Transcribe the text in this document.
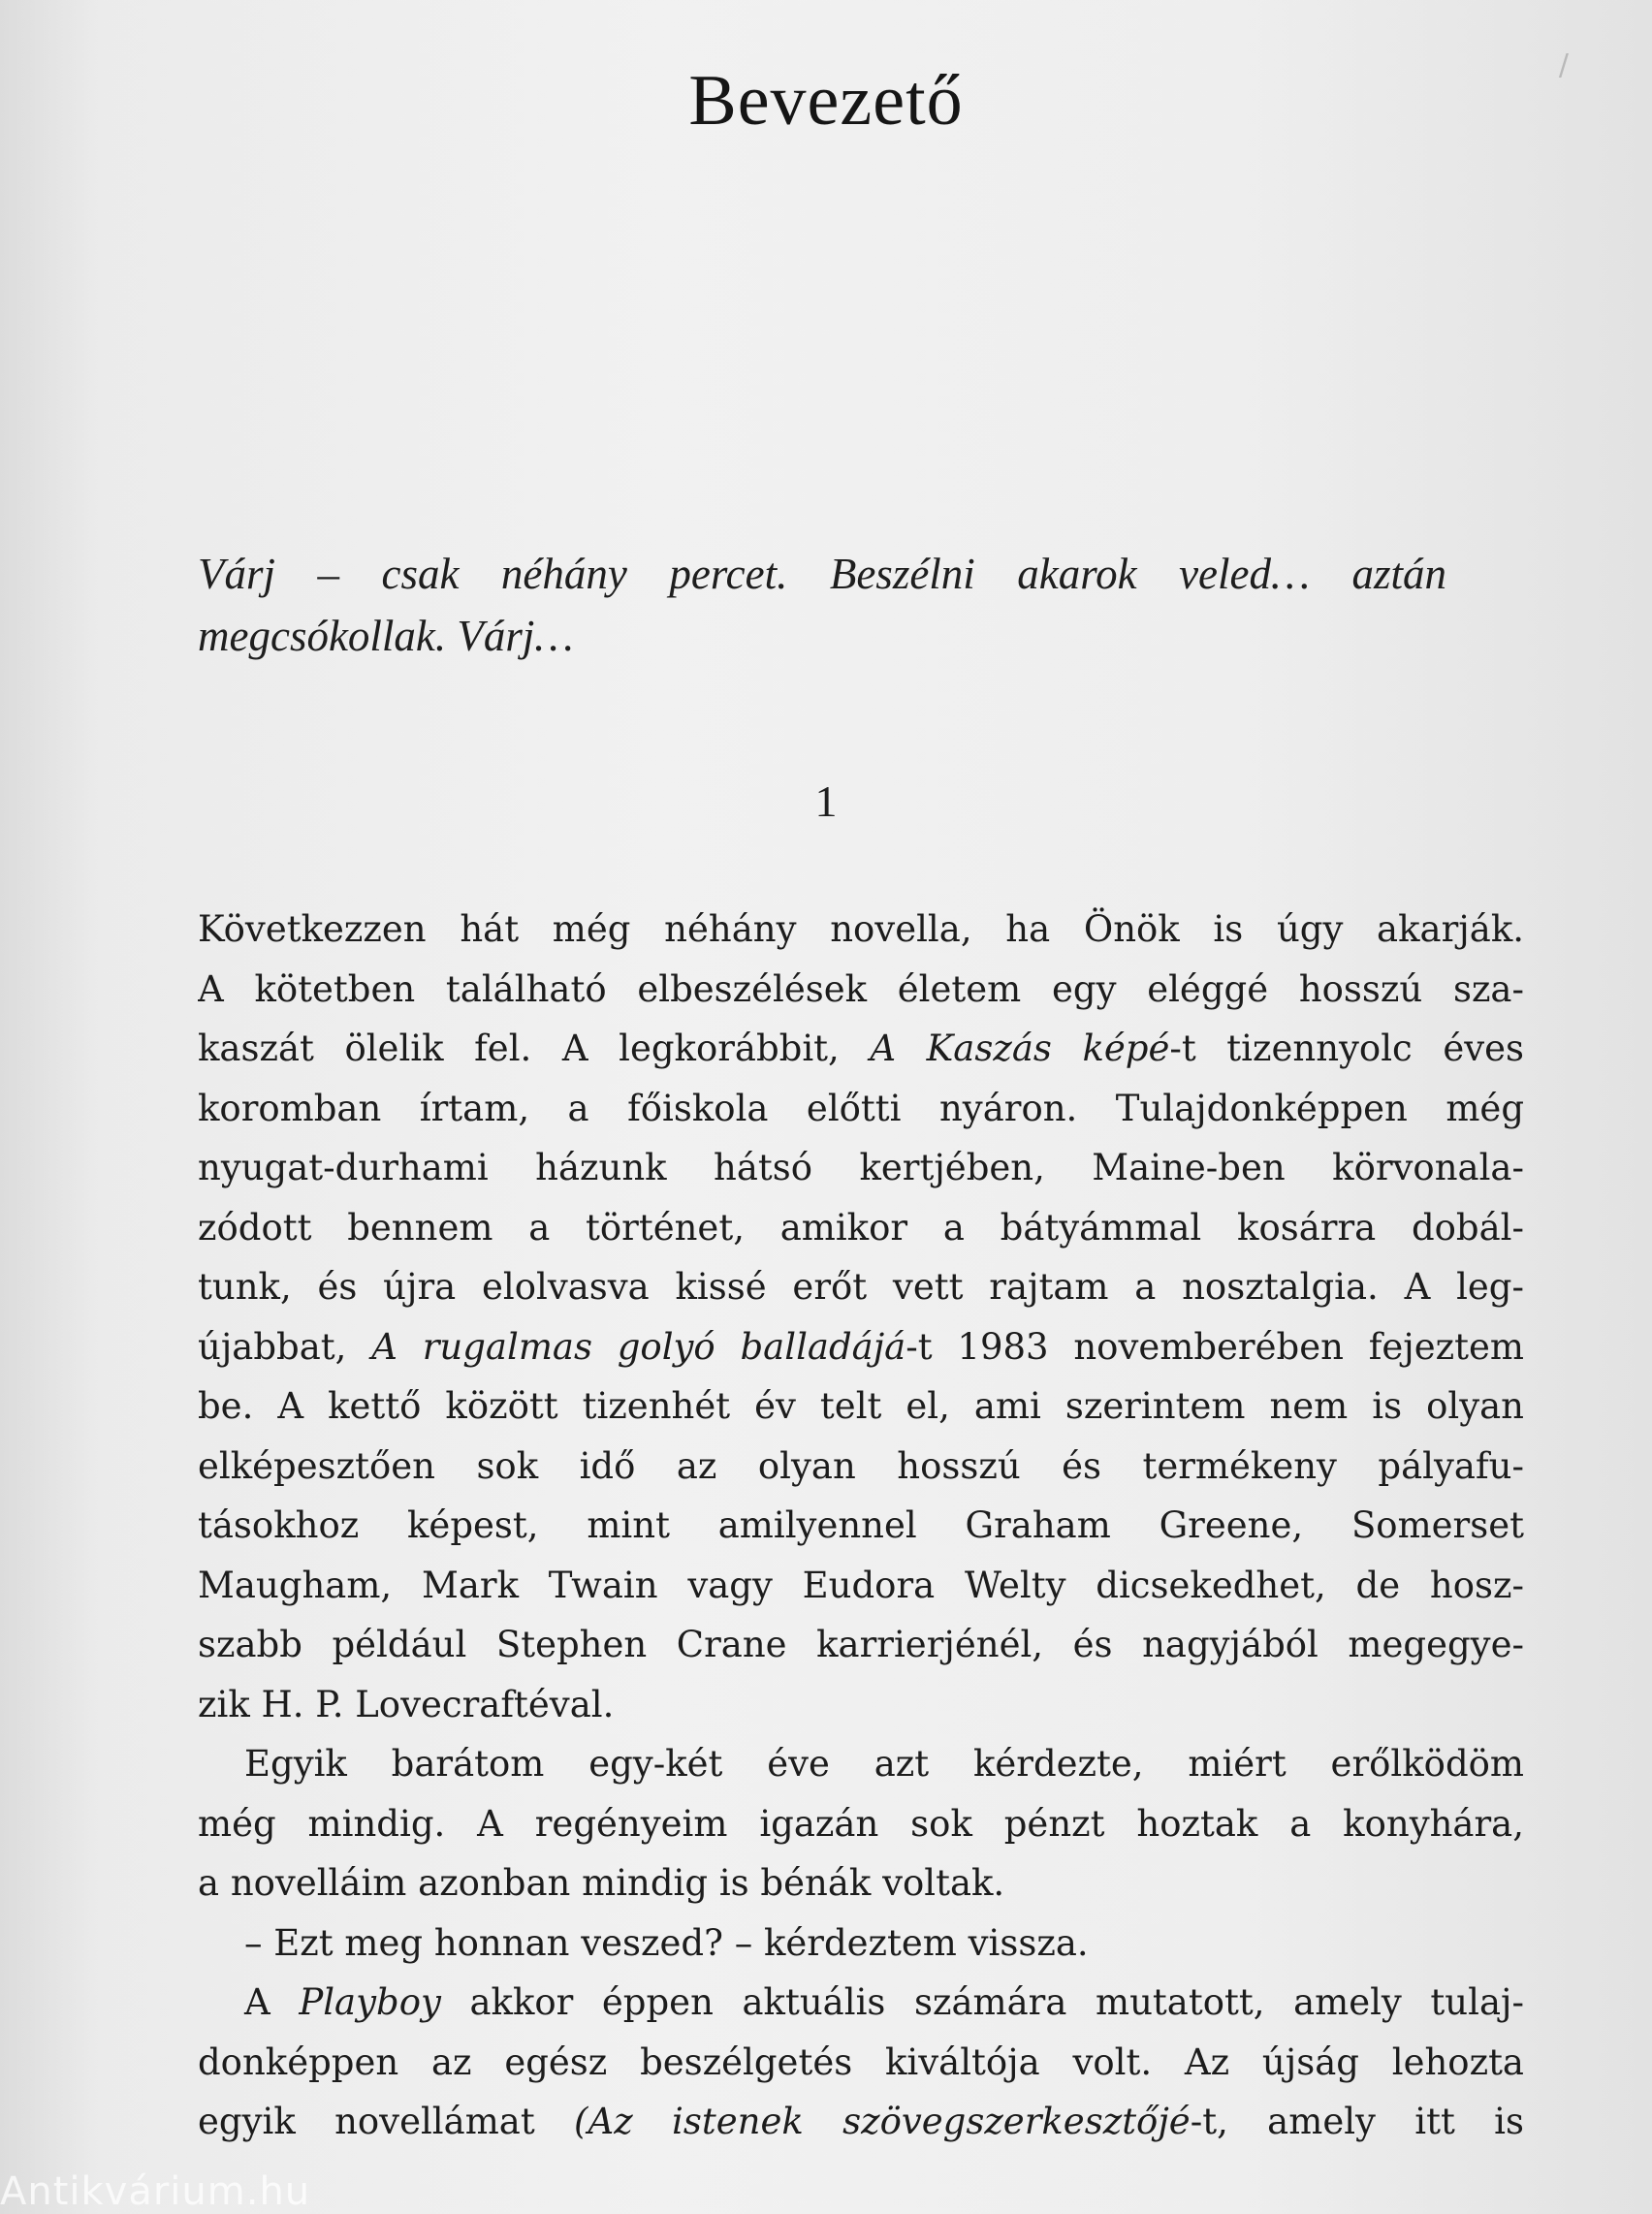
/
Bevezető
Várj – csak néhány percet. Beszélni akarok veled… aztán megcsókollak. Várj…
1
Következzen hát még néhány novella, ha Önök is úgy akarják.
A kötetben található elbeszélések életem egy eléggé hosszú sza-
kaszát ölelik fel. A legkorábbit, A Kaszás képé-t tizennyolc éves
koromban írtam, a főiskola előtti nyáron. Tulajdonképpen még
nyugat-durhami házunk hátsó kertjében, Maine-ben körvonala-
zódott bennem a történet, amikor a bátyámmal kosárra dobál-
tunk, és újra elolvasva kissé erőt vett rajtam a nosztalgia. A leg-
újabbat, A rugalmas golyó balladájá-t 1983 novemberében fejeztem
be. A kettő között tizenhét év telt el, ami szerintem nem is olyan
elképesztően sok idő az olyan hosszú és termékeny pályafu-
tásokhoz képest, mint amilyennel Graham Greene, Somerset
Maugham, Mark Twain vagy Eudora Welty dicsekedhet, de hosz-
szabb például Stephen Crane karrierjénél, és nagyjából megegye-
zik H. P. Lovecraftéval.
Egyik barátom egy-két éve azt kérdezte, miért erőlködöm
még mindig. A regényeim igazán sok pénzt hoztak a konyhára,
a novelláim azonban mindig is bénák voltak.
– Ezt meg honnan veszed? – kérdeztem vissza.
A Playboy akkor éppen aktuális számára mutatott, amely tulaj-
donképpen az egész beszélgetés kiváltója volt. Az újság lehozta
egyik novellámat (Az istenek szövegszerkesztőjé-t, amely itt is
Antikvárium.hu
